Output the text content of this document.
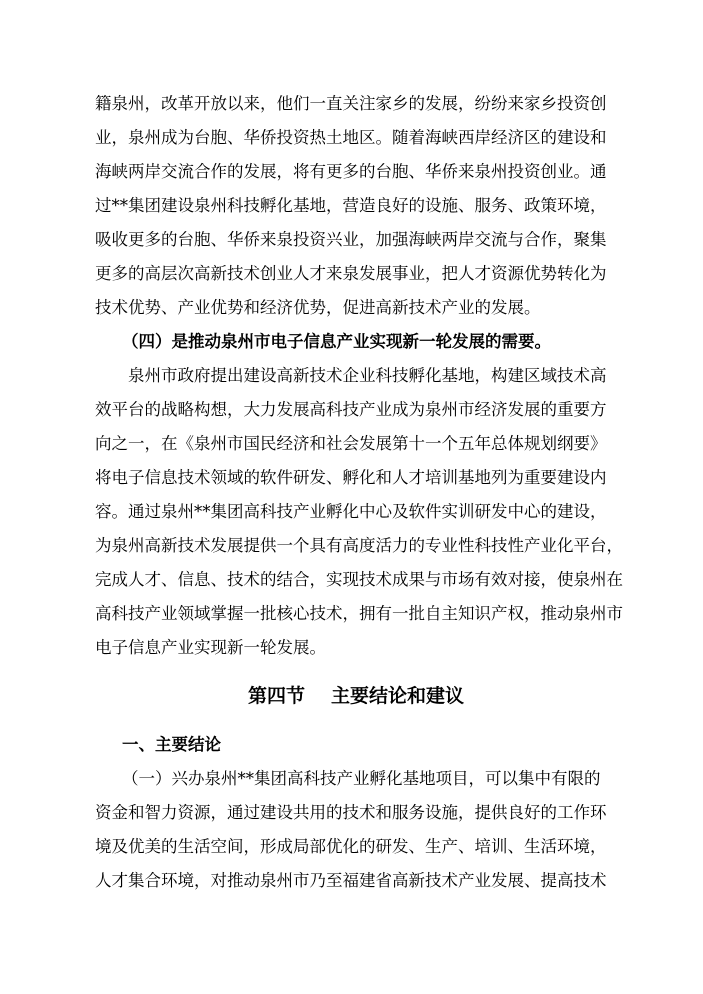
籍泉州，改革开放以来，他们一直关注家乡的发展，纷纷来家乡投资创
业，泉州成为台胞、华侨投资热土地区。随着海峡西岸经济区的建设和
海峡两岸交流合作的发展，将有更多的台胞、华侨来泉州投资创业。通
过**集团建设泉州科技孵化基地，营造良好的设施、服务、政策环境，
吸收更多的台胞、华侨来泉投资兴业，加强海峡两岸交流与合作，聚集
更多的高层次高新技术创业人才来泉发展事业，把人才资源优势转化为
技术优势、产业优势和经济优势，促进高新技术产业的发展。
（四）是推动泉州市电子信息产业实现新一轮发展的需要。
泉州市政府提出建设高新技术企业科技孵化基地，构建区域技术高
效平台的战略构想，大力发展高科技产业成为泉州市经济发展的重要方
向之一，在《泉州市国民经济和社会发展第十一个五年总体规划纲要》
将电子信息技术领域的软件研发、孵化和人才培训基地列为重要建设内
容。通过泉州**集团高科技产业孵化中心及软件实训研发中心的建设，
为泉州高新技术发展提供一个具有高度活力的专业性科技性产业化平台，
完成人才、信息、技术的结合，实现技术成果与市场有效对接，使泉州在
高科技产业领域掌握一批核心技术，拥有一批自主知识产权，推动泉州市
电子信息产业实现新一轮发展。
第四节 主要结论和建议
一、主要结论
（一）兴办泉州**集团高科技产业孵化基地项目，可以集中有限的
资金和智力资源，通过建设共用的技术和服务设施，提供良好的工作环
境及优美的生活空间，形成局部优化的研发、生产、培训、生活环境，
人才集合环境，对推动泉州市乃至福建省高新技术产业发展、提高技术
